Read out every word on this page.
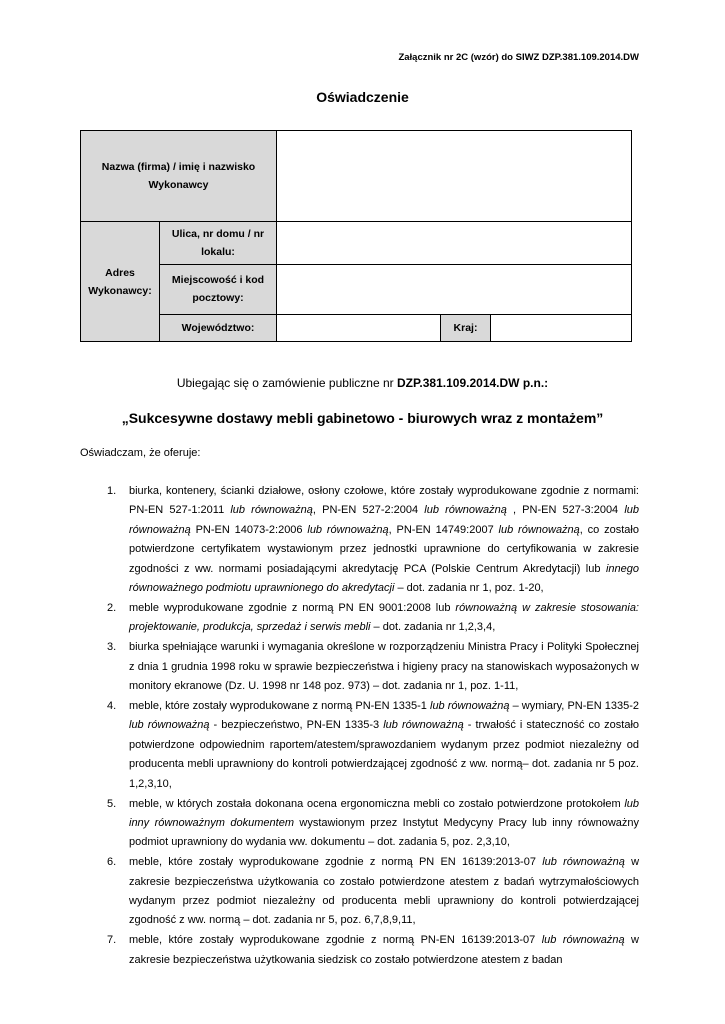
Załącznik nr 2C (wzór) do SIWZ DZP.381.109.2014.DW
Oświadczenie
Nazwa (firma) / imię i nazwisko Wykonawcy				

Adres Wykonawcy:	Ulica, nr domu / nr lokalu:			

	Miejscowość i kod pocztowy:			

	Województwo:		Kraj:	
Ubiegając się o zamówienie publiczne nr DZP.381.109.2014.DW p.n.:
„Sukcesywne dostawy mebli gabinetowo - biurowych wraz z montażem”
Oświadczam, że oferuje:
1. biurka, kontenery, ścianki działowe, osłony czołowe, które zostały wyprodukowane zgodnie z normami: PN-EN 527-1:2011 lub równoważną, PN-EN 527-2:2004 lub równoważną , PN-EN 527-3:2004 lub równoważną PN-EN 14073-2:2006 lub równoważną, PN-EN 14749:2007 lub równoważną, co zostało potwierdzone certyfikatem wystawionym przez jednostki uprawnione do certyfikowania w zakresie zgodności z ww. normami posiadającymi akredytację PCA (Polskie Centrum Akredytacji) lub innego równoważnego podmiotu uprawnionego do akredytacji – dot. zadania nr 1, poz. 1-20,
2. meble wyprodukowane zgodnie z normą PN EN 9001:2008 lub równoważną w zakresie stosowania: projektowanie, produkcja, sprzedaż i serwis mebli – dot. zadania nr 1,2,3,4,
3. biurka spełniające warunki i wymagania określone w rozporządzeniu Ministra Pracy i Polityki Społecznej z dnia 1 grudnia 1998 roku w sprawie bezpieczeństwa i higieny pracy na stanowiskach wyposażonych w monitory ekranowe (Dz. U. 1998 nr 148 poz. 973) – dot. zadania nr 1, poz. 1-11,
4. meble, które zostały wyprodukowane z normą PN-EN 1335-1 lub równoważną – wymiary, PN-EN 1335-2 lub równoważną - bezpieczeństwo, PN-EN 1335-3 lub równoważną - trwałość i stateczność co zostało potwierdzone odpowiednim raportem/atestem/sprawozdaniem wydanym przez podmiot niezależny od producenta mebli uprawniony do kontroli potwierdzającej zgodność z ww. normą– dot. zadania nr 5 poz. 1,2,3,10,
5. meble, w których została dokonana ocena ergonomiczna mebli co zostało potwierdzone protokołem lub inny równoważnym dokumentem wystawionym przez Instytut Medycyny Pracy lub inny równoważny podmiot uprawniony do wydania ww. dokumentu – dot. zadania 5, poz. 2,3,10,
6. meble, które zostały wyprodukowane zgodnie z normą PN EN 16139:2013-07 lub równoważną w zakresie bezpieczeństwa użytkowania co zostało potwierdzone atestem z badań wytrzymałościowych wydanym przez podmiot niezależny od producenta mebli uprawniony do kontroli potwierdzającej zgodność z ww. normą – dot. zadania nr 5, poz. 6,7,8,9,11,
7. meble, które zostały wyprodukowane zgodnie z normą PN-EN 16139:2013-07 lub równoważną w zakresie bezpieczeństwa użytkowania siedzisk co zostało potwierdzone atestem z badan
